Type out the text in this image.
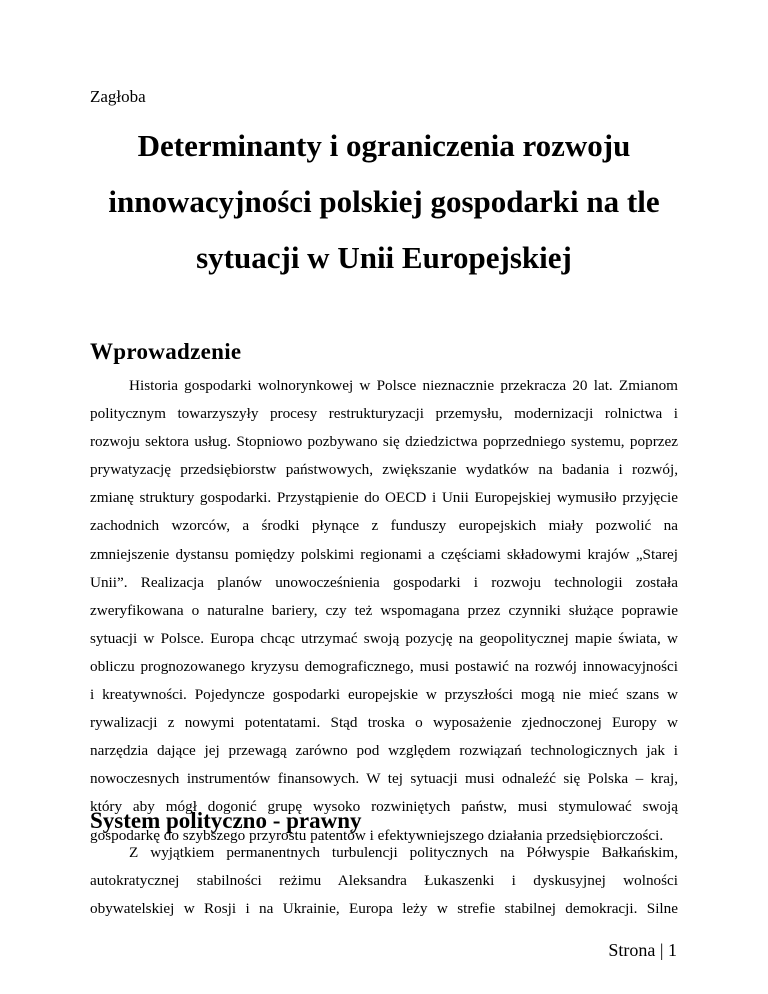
Zagłoba
Determinanty i ograniczenia rozwoju
innowacyjności polskiej gospodarki na tle
sytuacji w Unii Europejskiej
Wprowadzenie
Historia gospodarki wolnorynkowej w Polsce nieznacznie przekracza 20 lat. Zmianom
politycznym towarzyszyły procesy restrukturyzacji przemysłu, modernizacji rolnictwa i
rozwoju sektora usług. Stopniowo pozbywano się dziedzictwa poprzedniego systemu, poprzez
prywatyzację przedsiębiorstw państwowych, zwiększanie wydatków na badania i rozwój,
zmianę struktury gospodarki. Przystąpienie do OECD i Unii Europejskiej wymusiło przyjęcie
zachodnich wzorców, a środki płynące z funduszy europejskich miały pozwolić na
zmniejszenie dystansu pomiędzy polskimi regionami a częściami składowymi krajów „Starej
Unii”. Realizacja planów unowocześnienia gospodarki i rozwoju technologii została
zweryfikowana o naturalne bariery, czy też wspomagana przez czynniki służące poprawie
sytuacji w Polsce. Europa chcąc utrzymać swoją pozycję na geopolitycznej mapie świata, w
obliczu prognozowanego kryzysu demograficznego, musi postawić na rozwój innowacyjności
i kreatywności. Pojedyncze gospodarki europejskie w przyszłości mogą nie mieć szans w
rywalizacji z nowymi potentatami. Stąd troska o wyposażenie zjednoczonej Europy w
narzędzia dające jej przewagą zarówno pod względem rozwiązań technologicznych jak i
nowoczesnych instrumentów finansowych. W tej sytuacji musi odnaleźć się Polska – kraj,
który aby mógł dogonić grupę wysoko rozwiniętych państw, musi stymulować swoją
gospodarkę do szybszego przyrostu patentów i efektywniejszego działania przedsiębiorczości.
System polityczno - prawny
Z wyjątkiem permanentnych turbulencji politycznych na Półwyspie Bałkańskim,
autokratycznej stabilności reżimu Aleksandra Łukaszenki i dyskusyjnej wolności
obywatelskiej w Rosji i na Ukrainie, Europa leży w strefie stabilnej demokracji. Silne
Strona | 1
